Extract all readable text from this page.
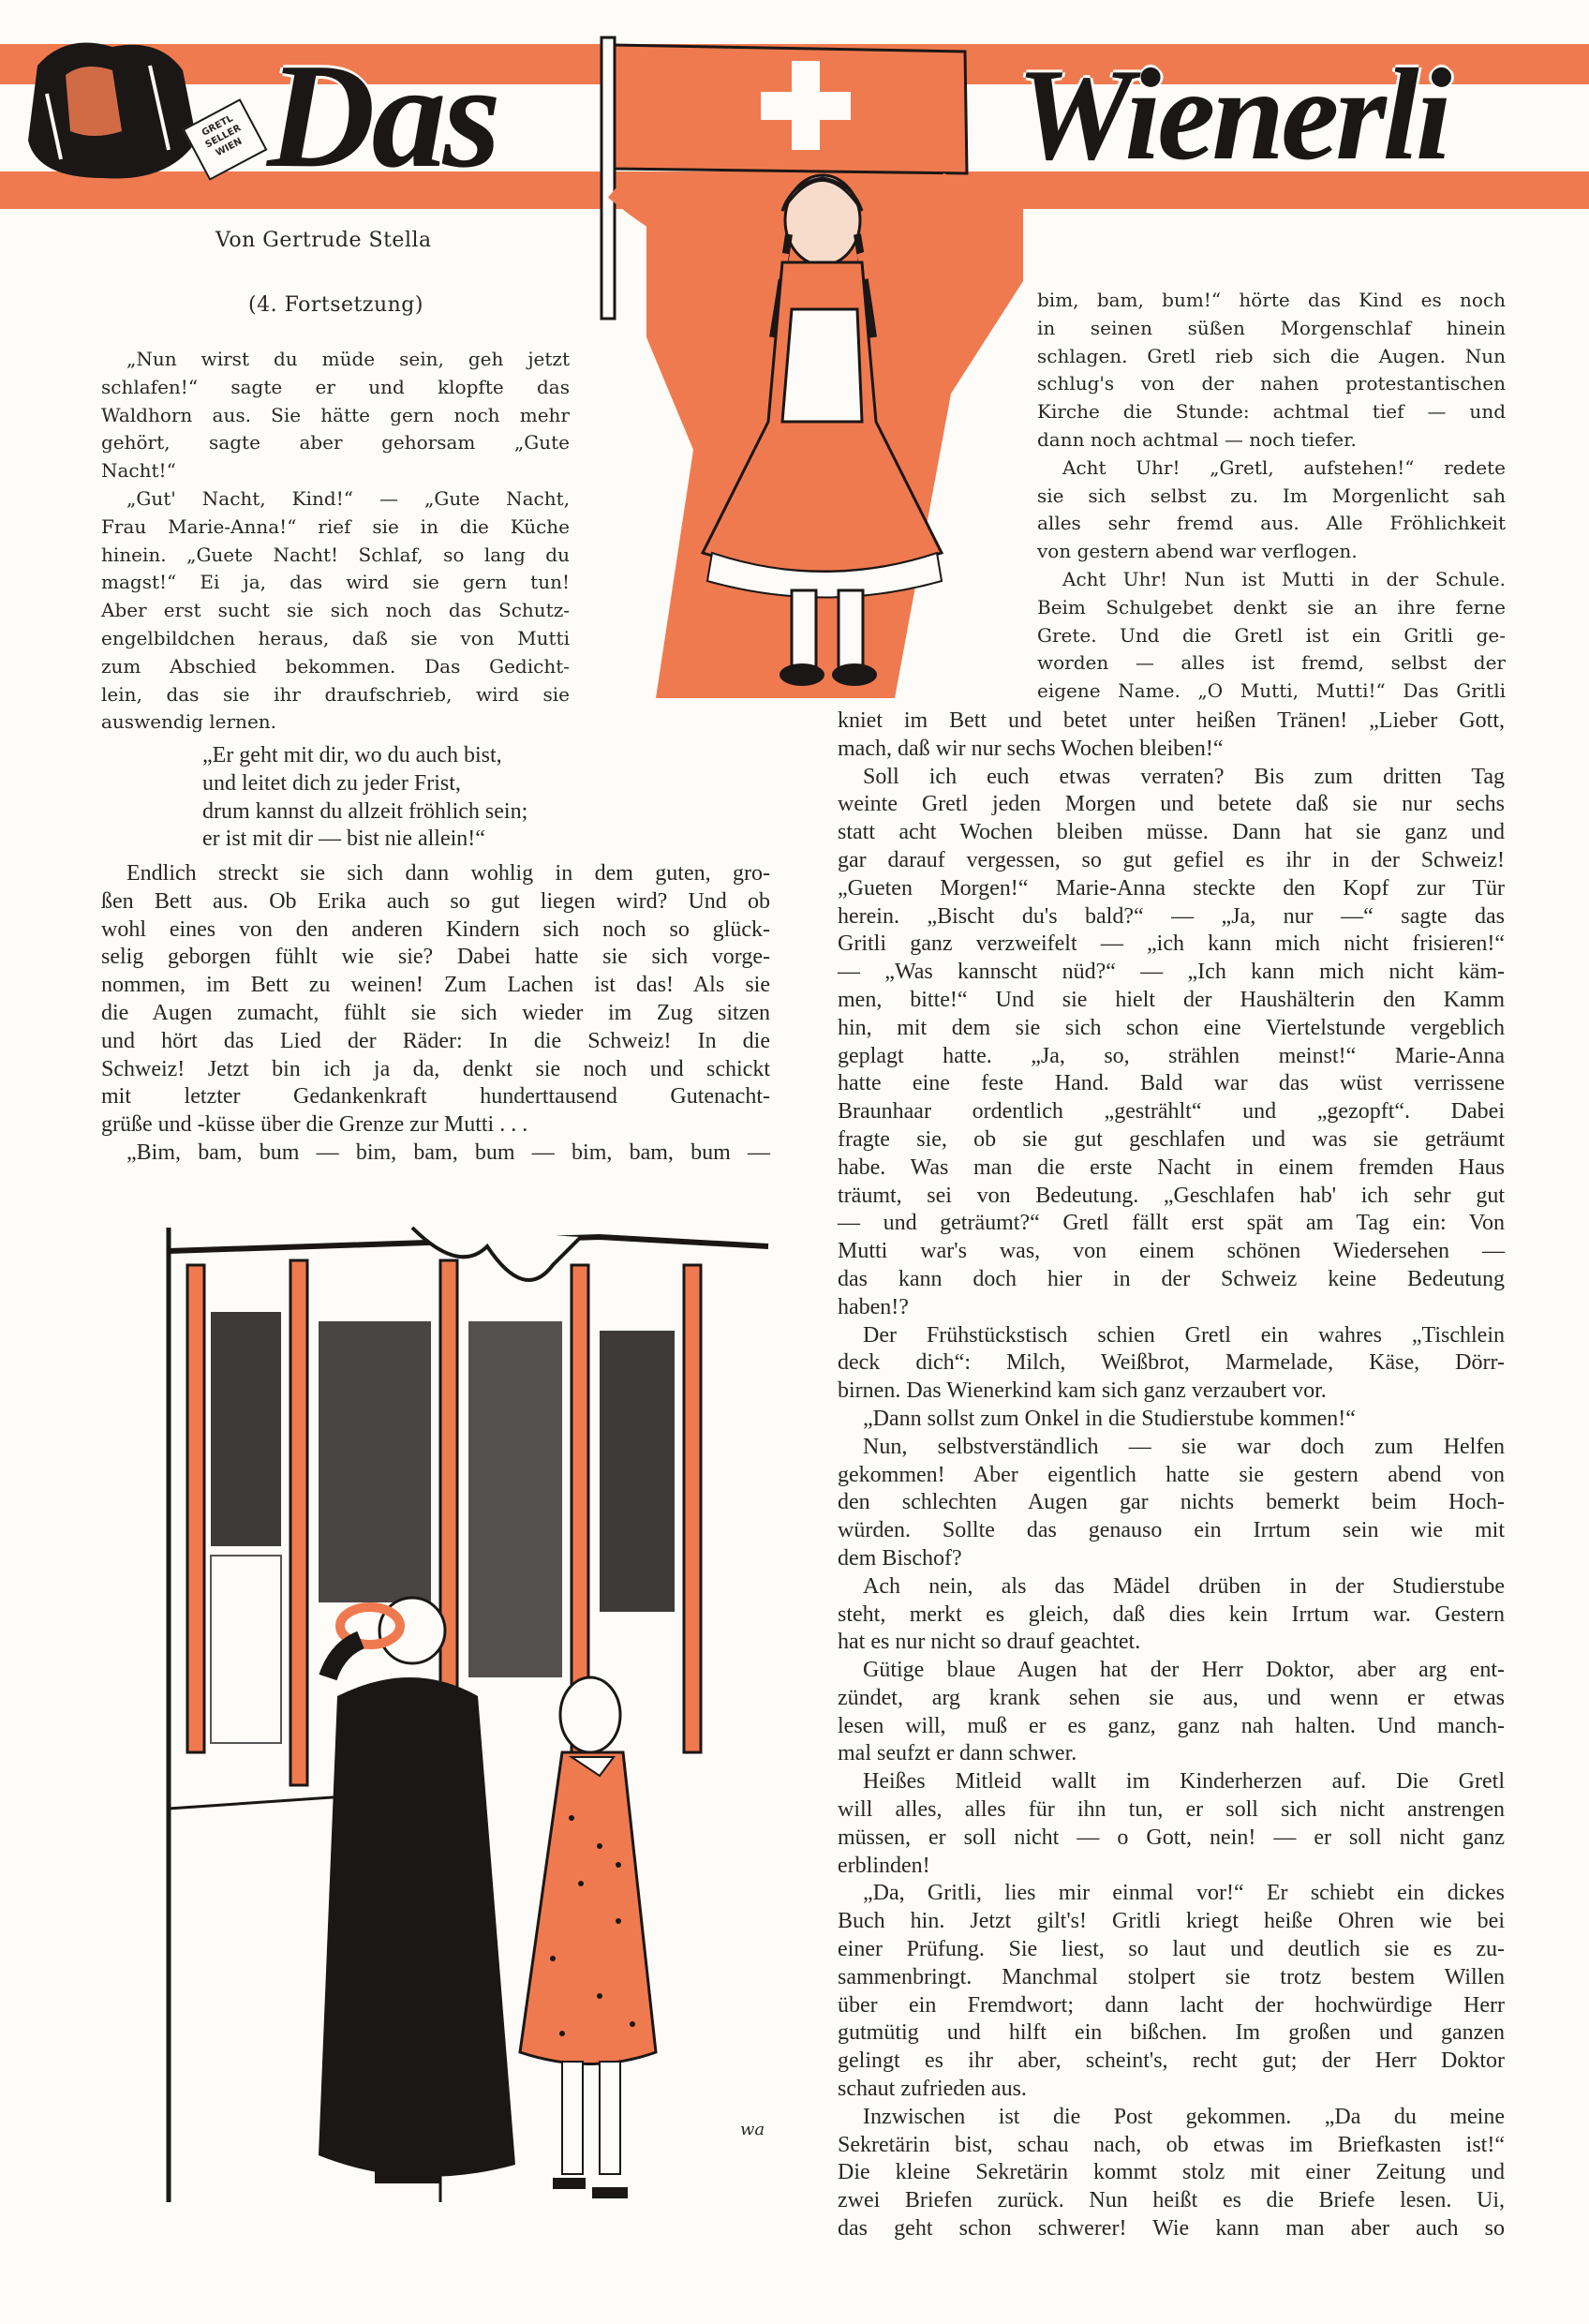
GRETL SELLER WIEN Das	Wienerli
Von Gertrude Stella
(4. Fortsetzung)
„Nun wirst du müde sein, geh jetzt
schlafen!“ sagte er und klopfte das
Waldhorn aus. Sie hätte gern noch mehr
gehört, sagte aber gehorsam „Gute
Nacht!“
„Gut' Nacht, Kind!“ — „Gute Nacht,
Frau Marie-Anna!“ rief sie in die Küche
hinein. „Guete Nacht! Schlaf, so lang du
magst!“ Ei ja, das wird sie gern tun!
Aber erst sucht sie sich noch das Schutz-
engelbildchen heraus, daß sie von Mutti
zum Abschied bekommen. Das Gedicht-
lein, das sie ihr draufschrieb, wird sie
auswendig lernen.
„Er geht mit dir, wo du auch bist,
und leitet dich zu jeder Frist,
drum kannst du allzeit fröhlich sein;
er ist mit dir — bist nie allein!“
Endlich streckt sie sich dann wohlig in dem guten, gro-
ßen Bett aus. Ob Erika auch so gut liegen wird? Und ob
wohl eines von den anderen Kindern sich noch so glück-
selig geborgen fühlt wie sie? Dabei hatte sie sich vorge-
nommen, im Bett zu weinen! Zum Lachen ist das! Als sie
die Augen zumacht, fühlt sie sich wieder im Zug sitzen
und hört das Lied der Räder: In die Schweiz! In die
Schweiz! Jetzt bin ich ja da, denkt sie noch und schickt
mit letzter Gedankenkraft hunderttausend Gutenacht-
grüße und -küsse über die Grenze zur Mutti . . .
„Bim, bam, bum — bim, bam, bum — bim, bam, bum —
bim, bam, bum!“ hörte das Kind es noch
in seinen süßen Morgenschlaf hinein
schlagen. Gretl rieb sich die Augen. Nun
schlug's von der nahen protestantischen
Kirche die Stunde: achtmal tief — und
dann noch achtmal — noch tiefer.
Acht Uhr! „Gretl, aufstehen!“ redete
sie sich selbst zu. Im Morgenlicht sah
alles sehr fremd aus. Alle Fröhlichkeit
von gestern abend war verflogen.
Acht Uhr! Nun ist Mutti in der Schule.
Beim Schulgebet denkt sie an ihre ferne
Grete. Und die Gretl ist ein Gritli ge-
worden — alles ist fremd, selbst der
eigene Name. „O Mutti, Mutti!“ Das Gritli
kniet im Bett und betet unter heißen Tränen! „Lieber Gott,
mach, daß wir nur sechs Wochen bleiben!“
Soll ich euch etwas verraten? Bis zum dritten Tag
weinte Gretl jeden Morgen und betete daß sie nur sechs
statt acht Wochen bleiben müsse. Dann hat sie ganz und
gar darauf vergessen, so gut gefiel es ihr in der Schweiz!
„Gueten Morgen!“ Marie-Anna steckte den Kopf zur Tür
herein. „Bischt du's bald?“ — „Ja, nur —“ sagte das
Gritli ganz verzweifelt — „ich kann mich nicht frisieren!“
— „Was kannscht nüd?“ — „Ich kann mich nicht käm-
men, bitte!“ Und sie hielt der Haushälterin den Kamm
hin, mit dem sie sich schon eine Viertelstunde vergeblich
geplagt hatte. „Ja, so, strählen meinst!“ Marie-Anna
hatte eine feste Hand. Bald war das wüst verrissene
Braunhaar ordentlich „gestrählt“ und „gezopft“. Dabei
fragte sie, ob sie gut geschlafen und was sie geträumt
habe. Was man die erste Nacht in einem fremden Haus
träumt, sei von Bedeutung. „Geschlafen hab' ich sehr gut
— und geträumt?“ Gretl fällt erst spät am Tag ein: Von
Mutti war's was, von einem schönen Wiedersehen —
das kann doch hier in der Schweiz keine Bedeutung
haben!?
Der Frühstückstisch schien Gretl ein wahres „Tischlein
deck dich“: Milch, Weißbrot, Marmelade, Käse, Dörr-
birnen. Das Wienerkind kam sich ganz verzaubert vor.
„Dann sollst zum Onkel in die Studierstube kommen!“
Nun, selbstverständlich — sie war doch zum Helfen
gekommen! Aber eigentlich hatte sie gestern abend von
den schlechten Augen gar nichts bemerkt beim Hoch-
würden. Sollte das genauso ein Irrtum sein wie mit
dem Bischof?
Ach nein, als das Mädel drüben in der Studierstube
steht, merkt es gleich, daß dies kein Irrtum war. Gestern
hat es nur nicht so drauf geachtet.
Gütige blaue Augen hat der Herr Doktor, aber arg ent-
zündet, arg krank sehen sie aus, und wenn er etwas
lesen will, muß er es ganz, ganz nah halten. Und manch-
mal seufzt er dann schwer.
Heißes Mitleid wallt im Kinderherzen auf. Die Gretl
will alles, alles für ihn tun, er soll sich nicht anstrengen
müssen, er soll nicht — o Gott, nein! — er soll nicht ganz
erblinden!
„Da, Gritli, lies mir einmal vor!“ Er schiebt ein dickes
Buch hin. Jetzt gilt's! Gritli kriegt heiße Ohren wie bei
einer Prüfung. Sie liest, so laut und deutlich sie es zu-
sammenbringt. Manchmal stolpert sie trotz bestem Willen
über ein Fremdwort; dann lacht der hochwürdige Herr
gutmütig und hilft ein bißchen. Im großen und ganzen
gelingt es ihr aber, scheint's, recht gut; der Herr Doktor
schaut zufrieden aus.
Inzwischen ist die Post gekommen. „Da du meine
Sekretärin bist, schau nach, ob etwas im Briefkasten ist!“
Die kleine Sekretärin kommt stolz mit einer Zeitung und
zwei Briefen zurück. Nun heißt es die Briefe lesen. Ui,
das geht schon schwerer! Wie kann man aber auch so
wa
